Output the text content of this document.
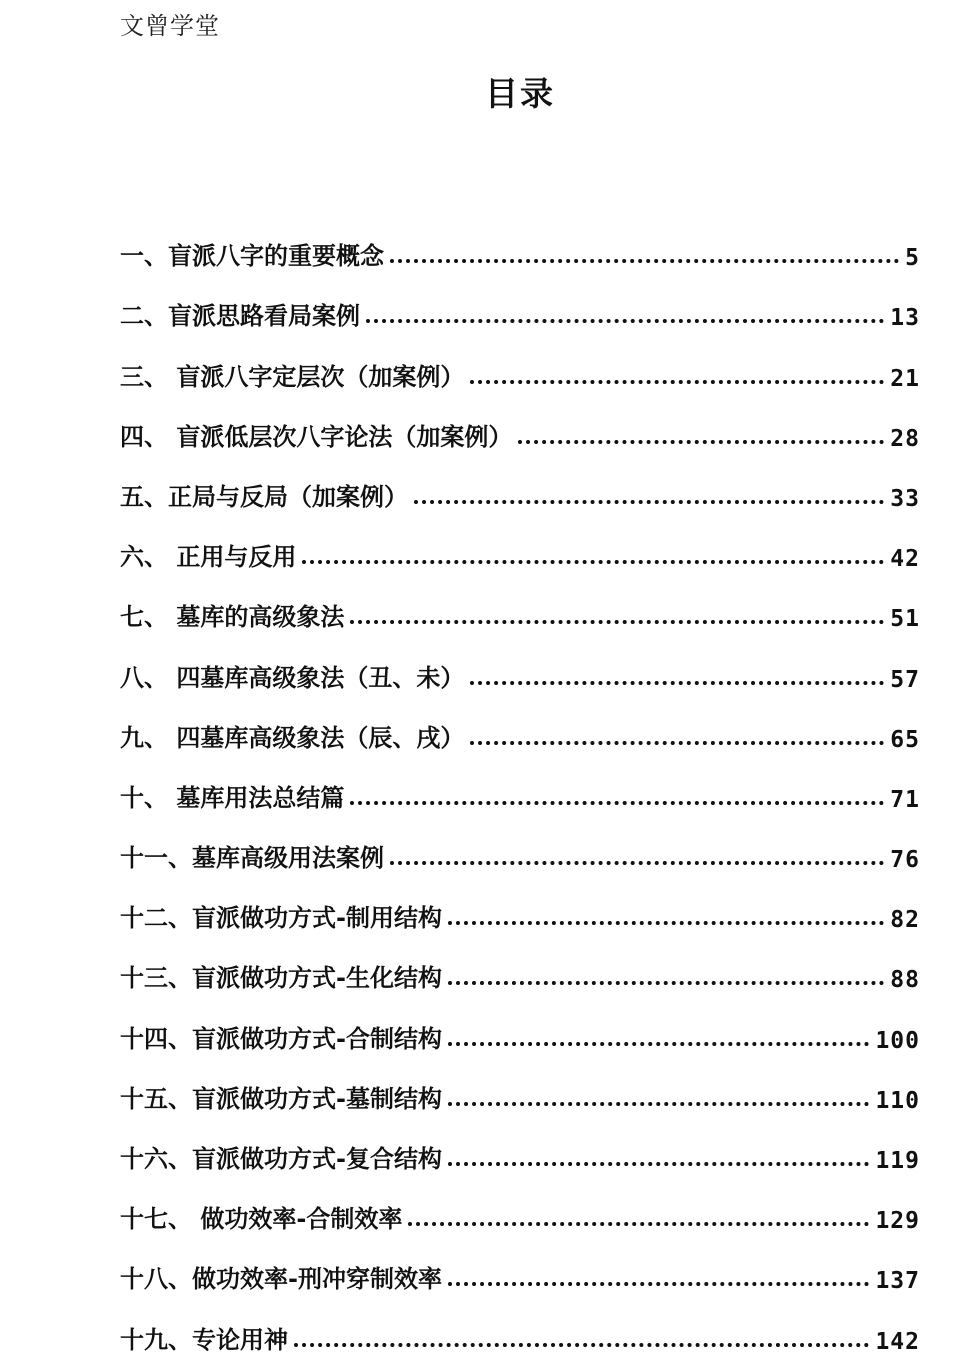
文曾学堂
目录
一、盲派八字的重要概念	5
二、盲派思路看局案例	13
三、 盲派八字定层次（加案例）	21
四、 盲派低层次八字论法（加案例）	28
五、正局与反局（加案例）	33
六、 正用与反用	42
七、 墓库的高级象法	51
八、 四墓库高级象法（丑、未）	57
九、 四墓库高级象法（辰、戌）	65
十、 墓库用法总结篇	71
十一、墓库高级用法案例	76
十二、盲派做功方式-制用结构	82
十三、盲派做功方式-生化结构	88
十四、盲派做功方式-合制结构	100
十五、盲派做功方式-墓制结构	110
十六、盲派做功方式-复合结构	119
十七、 做功效率-合制效率	129
十八、做功效率-刑冲穿制效率	137
十九、专论用神	142
